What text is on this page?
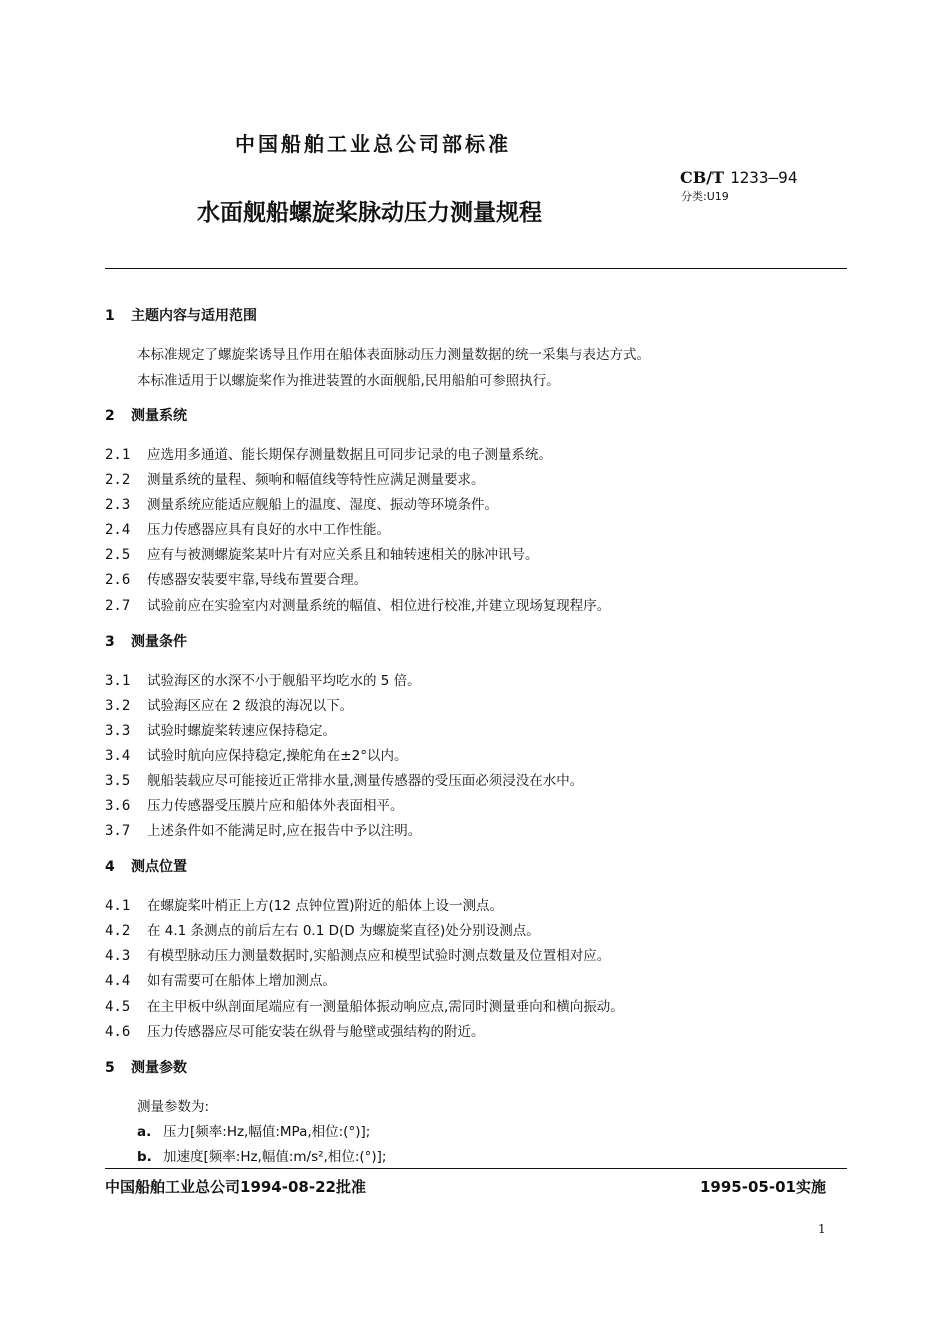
中国船舶工业总公司部标准
CB/T 1233—94
分类:U19
水面舰船螺旋桨脉动压力测量规程
1 主题内容与适用范围
本标准规定了螺旋桨诱导且作用在船体表面脉动压力测量数据的统一采集与表达方式。
本标准适用于以螺旋桨作为推进装置的水面舰船,民用船舶可参照执行。
2 测量系统
2.1 应选用多通道、能长期保存测量数据且可同步记录的电子测量系统。
2.2 测量系统的量程、频响和幅值线等特性应满足测量要求。
2.3 测量系统应能适应舰船上的温度、湿度、振动等环境条件。
2.4 压力传感器应具有良好的水中工作性能。
2.5 应有与被测螺旋桨某叶片有对应关系且和轴转速相关的脉冲讯号。
2.6 传感器安装要牢靠,导线布置要合理。
2.7 试验前应在实验室内对测量系统的幅值、相位进行校准,并建立现场复现程序。
3 测量条件
3.1 试验海区的水深不小于舰船平均吃水的 5 倍。
3.2 试验海区应在 2 级浪的海况以下。
3.3 试验时螺旋桨转速应保持稳定。
3.4 试验时航向应保持稳定,操舵角在±2°以内。
3.5 舰船装载应尽可能接近正常排水量,测量传感器的受压面必须浸没在水中。
3.6 压力传感器受压膜片应和船体外表面相平。
3.7 上述条件如不能满足时,应在报告中予以注明。
4 测点位置
4.1 在螺旋桨叶梢正上方(12 点钟位置)附近的船体上设一测点。
4.2 在 4.1 条测点的前后左右 0.1 D(D 为螺旋桨直径)处分别设测点。
4.3 有模型脉动压力测量数据时,实船测点应和模型试验时测点数量及位置相对应。
4.4 如有需要可在船体上增加测点。
4.5 在主甲板中纵剖面尾端应有一测量船体振动响应点,需同时测量垂向和横向振动。
4.6 压力传感器应尽可能安装在纵骨与舱壁或强结构的附近。
5 测量参数
测量参数为:
a. 压力[频率:Hz,幅值:MPa,相位:(°)];
b. 加速度[频率:Hz,幅值:m/s²,相位:(°)];
中国船舶工业总公司1994-08-22批准	1995-05-01实施
1
